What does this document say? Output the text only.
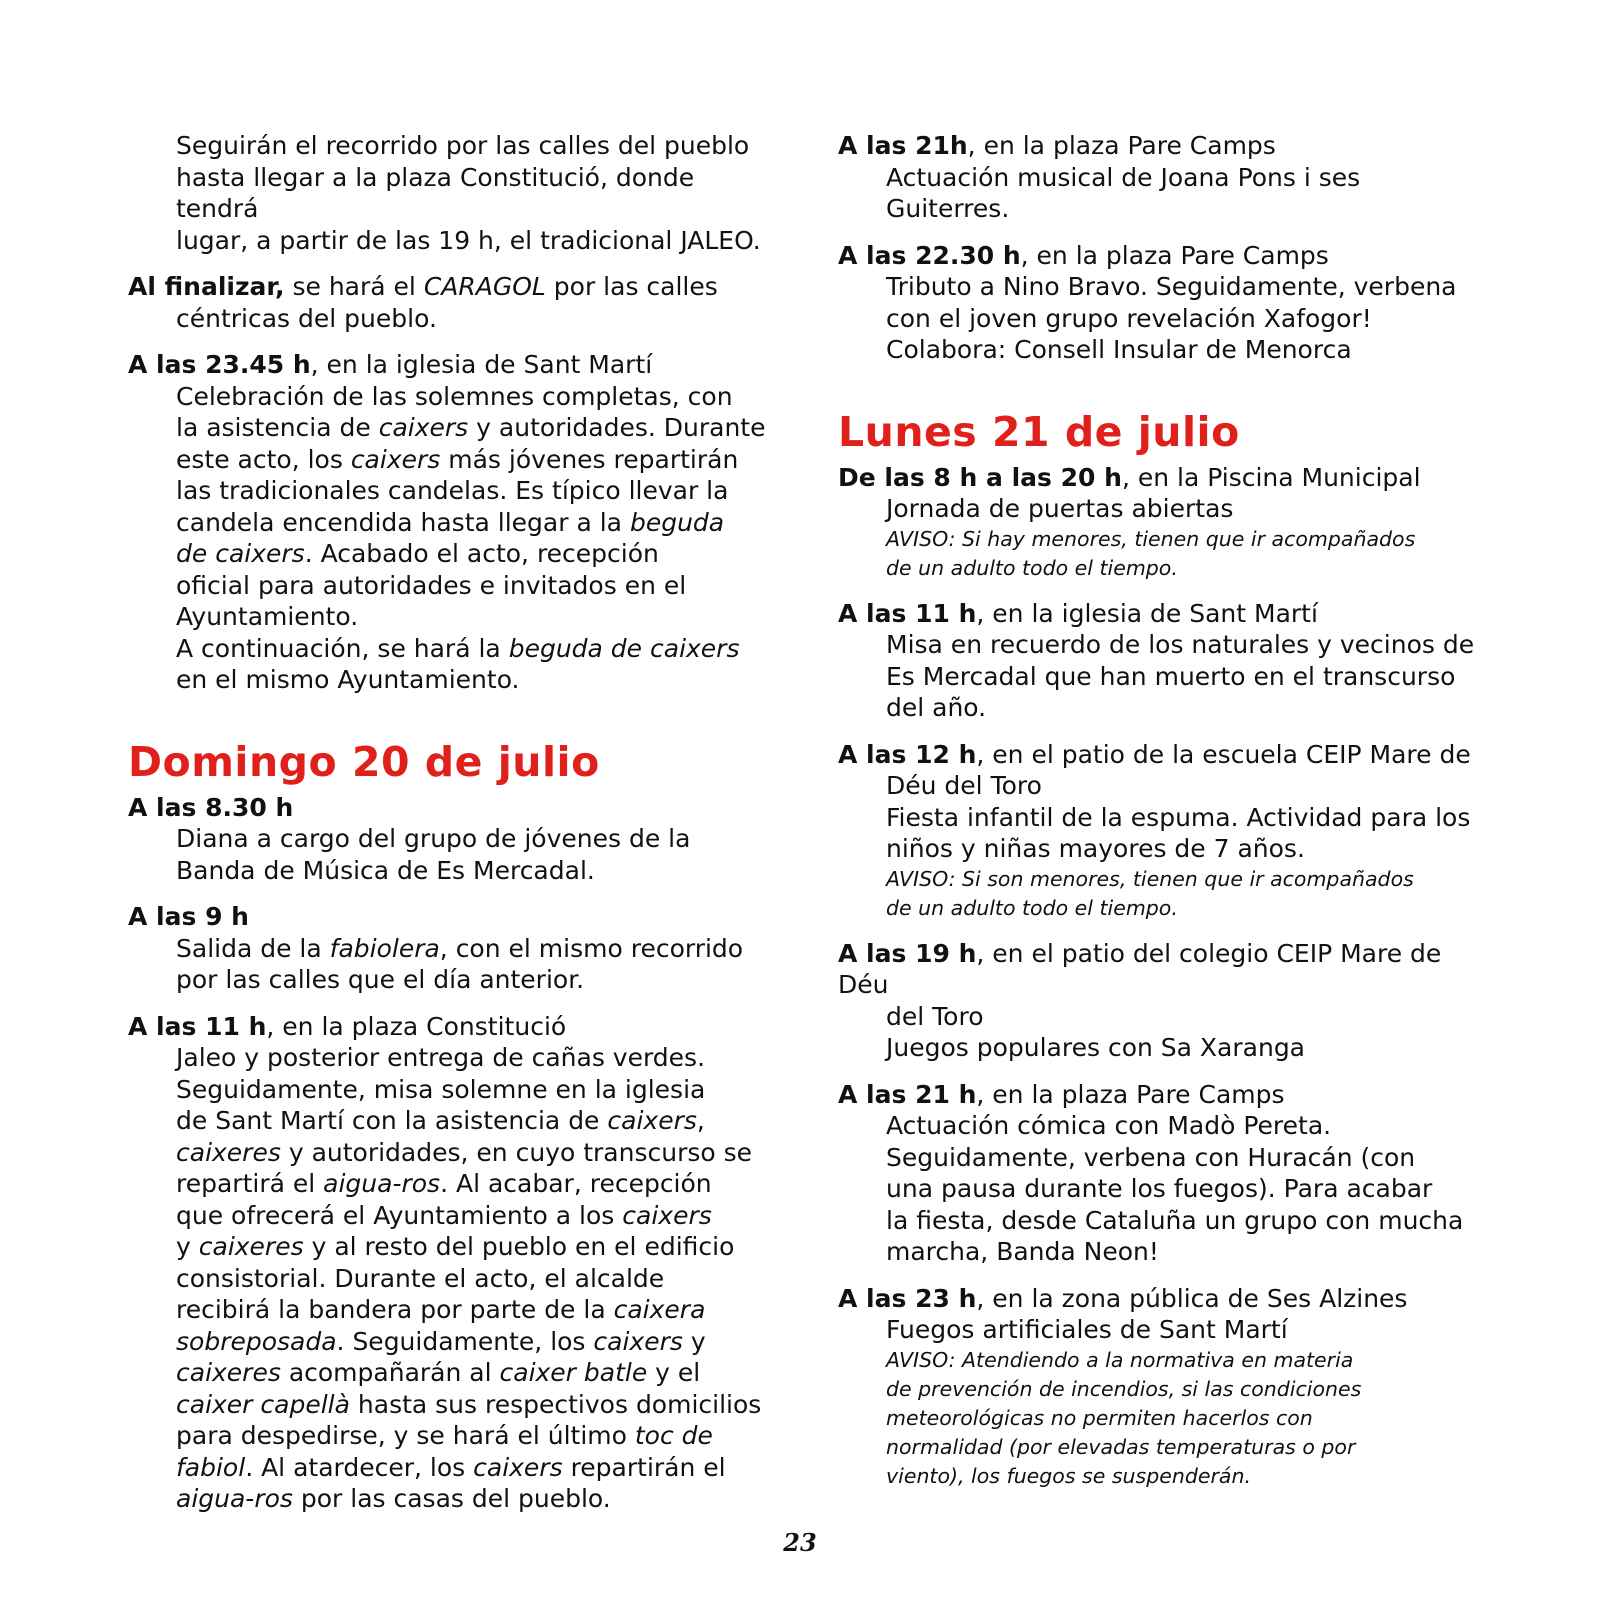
Seguirán el recorrido por las calles del pueblo
hasta llegar a la plaza Constitució, donde tendrá
lugar, a partir de las 19 h, el tradicional JALEO.
Al finalizar, se hará el CARAGOL por las calles
céntricas del pueblo.
A las 23.45 h, en la iglesia de Sant Martí
Celebración de las solemnes completas, con
la asistencia de caixers y autoridades. Durante
este acto, los caixers más jóvenes repartirán
las tradicionales candelas. Es típico llevar la
candela encendida hasta llegar a la beguda
de caixers. Acabado el acto, recepción
oficial para autoridades e invitados en el
Ayuntamiento.
A continuación, se hará la beguda de caixers
en el mismo Ayuntamiento.
Domingo 20 de julio
A las 8.30 h
Diana a cargo del grupo de jóvenes de la
Banda de Música de Es Mercadal.
A las 9 h
Salida de la fabiolera, con el mismo recorrido
por las calles que el día anterior.
A las 11 h, en la plaza Constitució
Jaleo y posterior entrega de cañas verdes.
Seguidamente, misa solemne en la iglesia
de Sant Martí con la asistencia de caixers,
caixeres y autoridades, en cuyo transcurso se
repartirá el aigua-ros. Al acabar, recepción
que ofrecerá el Ayuntamiento a los caixers
y caixeres y al resto del pueblo en el edificio
consistorial. Durante el acto, el alcalde
recibirá la bandera por parte de la caixera
sobreposada. Seguidamente, los caixers y
caixeres acompañarán al caixer batle y el
caixer capellà hasta sus respectivos domicilios
para despedirse, y se hará el último toc de
fabiol. Al atardecer, los caixers repartirán el
aigua-ros por las casas del pueblo.
A las 21h, en la plaza Pare Camps
Actuación musical de Joana Pons i ses
Guiterres.
A las 22.30 h, en la plaza Pare Camps
Tributo a Nino Bravo. Seguidamente, verbena
con el joven grupo revelación Xafogor!
Colabora: Consell Insular de Menorca
Lunes 21 de julio
De las 8 h a las 20 h, en la Piscina Municipal
Jornada de puertas abiertas
AVISO: Si hay menores, tienen que ir acompañados
de un adulto todo el tiempo.
A las 11 h, en la iglesia de Sant Martí
Misa en recuerdo de los naturales y vecinos de
Es Mercadal que han muerto en el transcurso
del año.
A las 12 h, en el patio de la escuela CEIP Mare de
Déu del Toro
Fiesta infantil de la espuma. Actividad para los
niños y niñas mayores de 7 años.
AVISO: Si son menores, tienen que ir acompañados
de un adulto todo el tiempo.
A las 19 h, en el patio del colegio CEIP Mare de Déu
del Toro
Juegos populares con Sa Xaranga
A las 21 h, en la plaza Pare Camps
Actuación cómica con Madò Pereta.
Seguidamente, verbena con Huracán (con
una pausa durante los fuegos). Para acabar
la fiesta, desde Cataluña un grupo con mucha
marcha, Banda Neon!
A las 23 h, en la zona pública de Ses Alzines
Fuegos artificiales de Sant Martí
AVISO: Atendiendo a la normativa en materia
de prevención de incendios, si las condiciones
meteorológicas no permiten hacerlos con
normalidad (por elevadas temperaturas o por
viento), los fuegos se suspenderán.
23
